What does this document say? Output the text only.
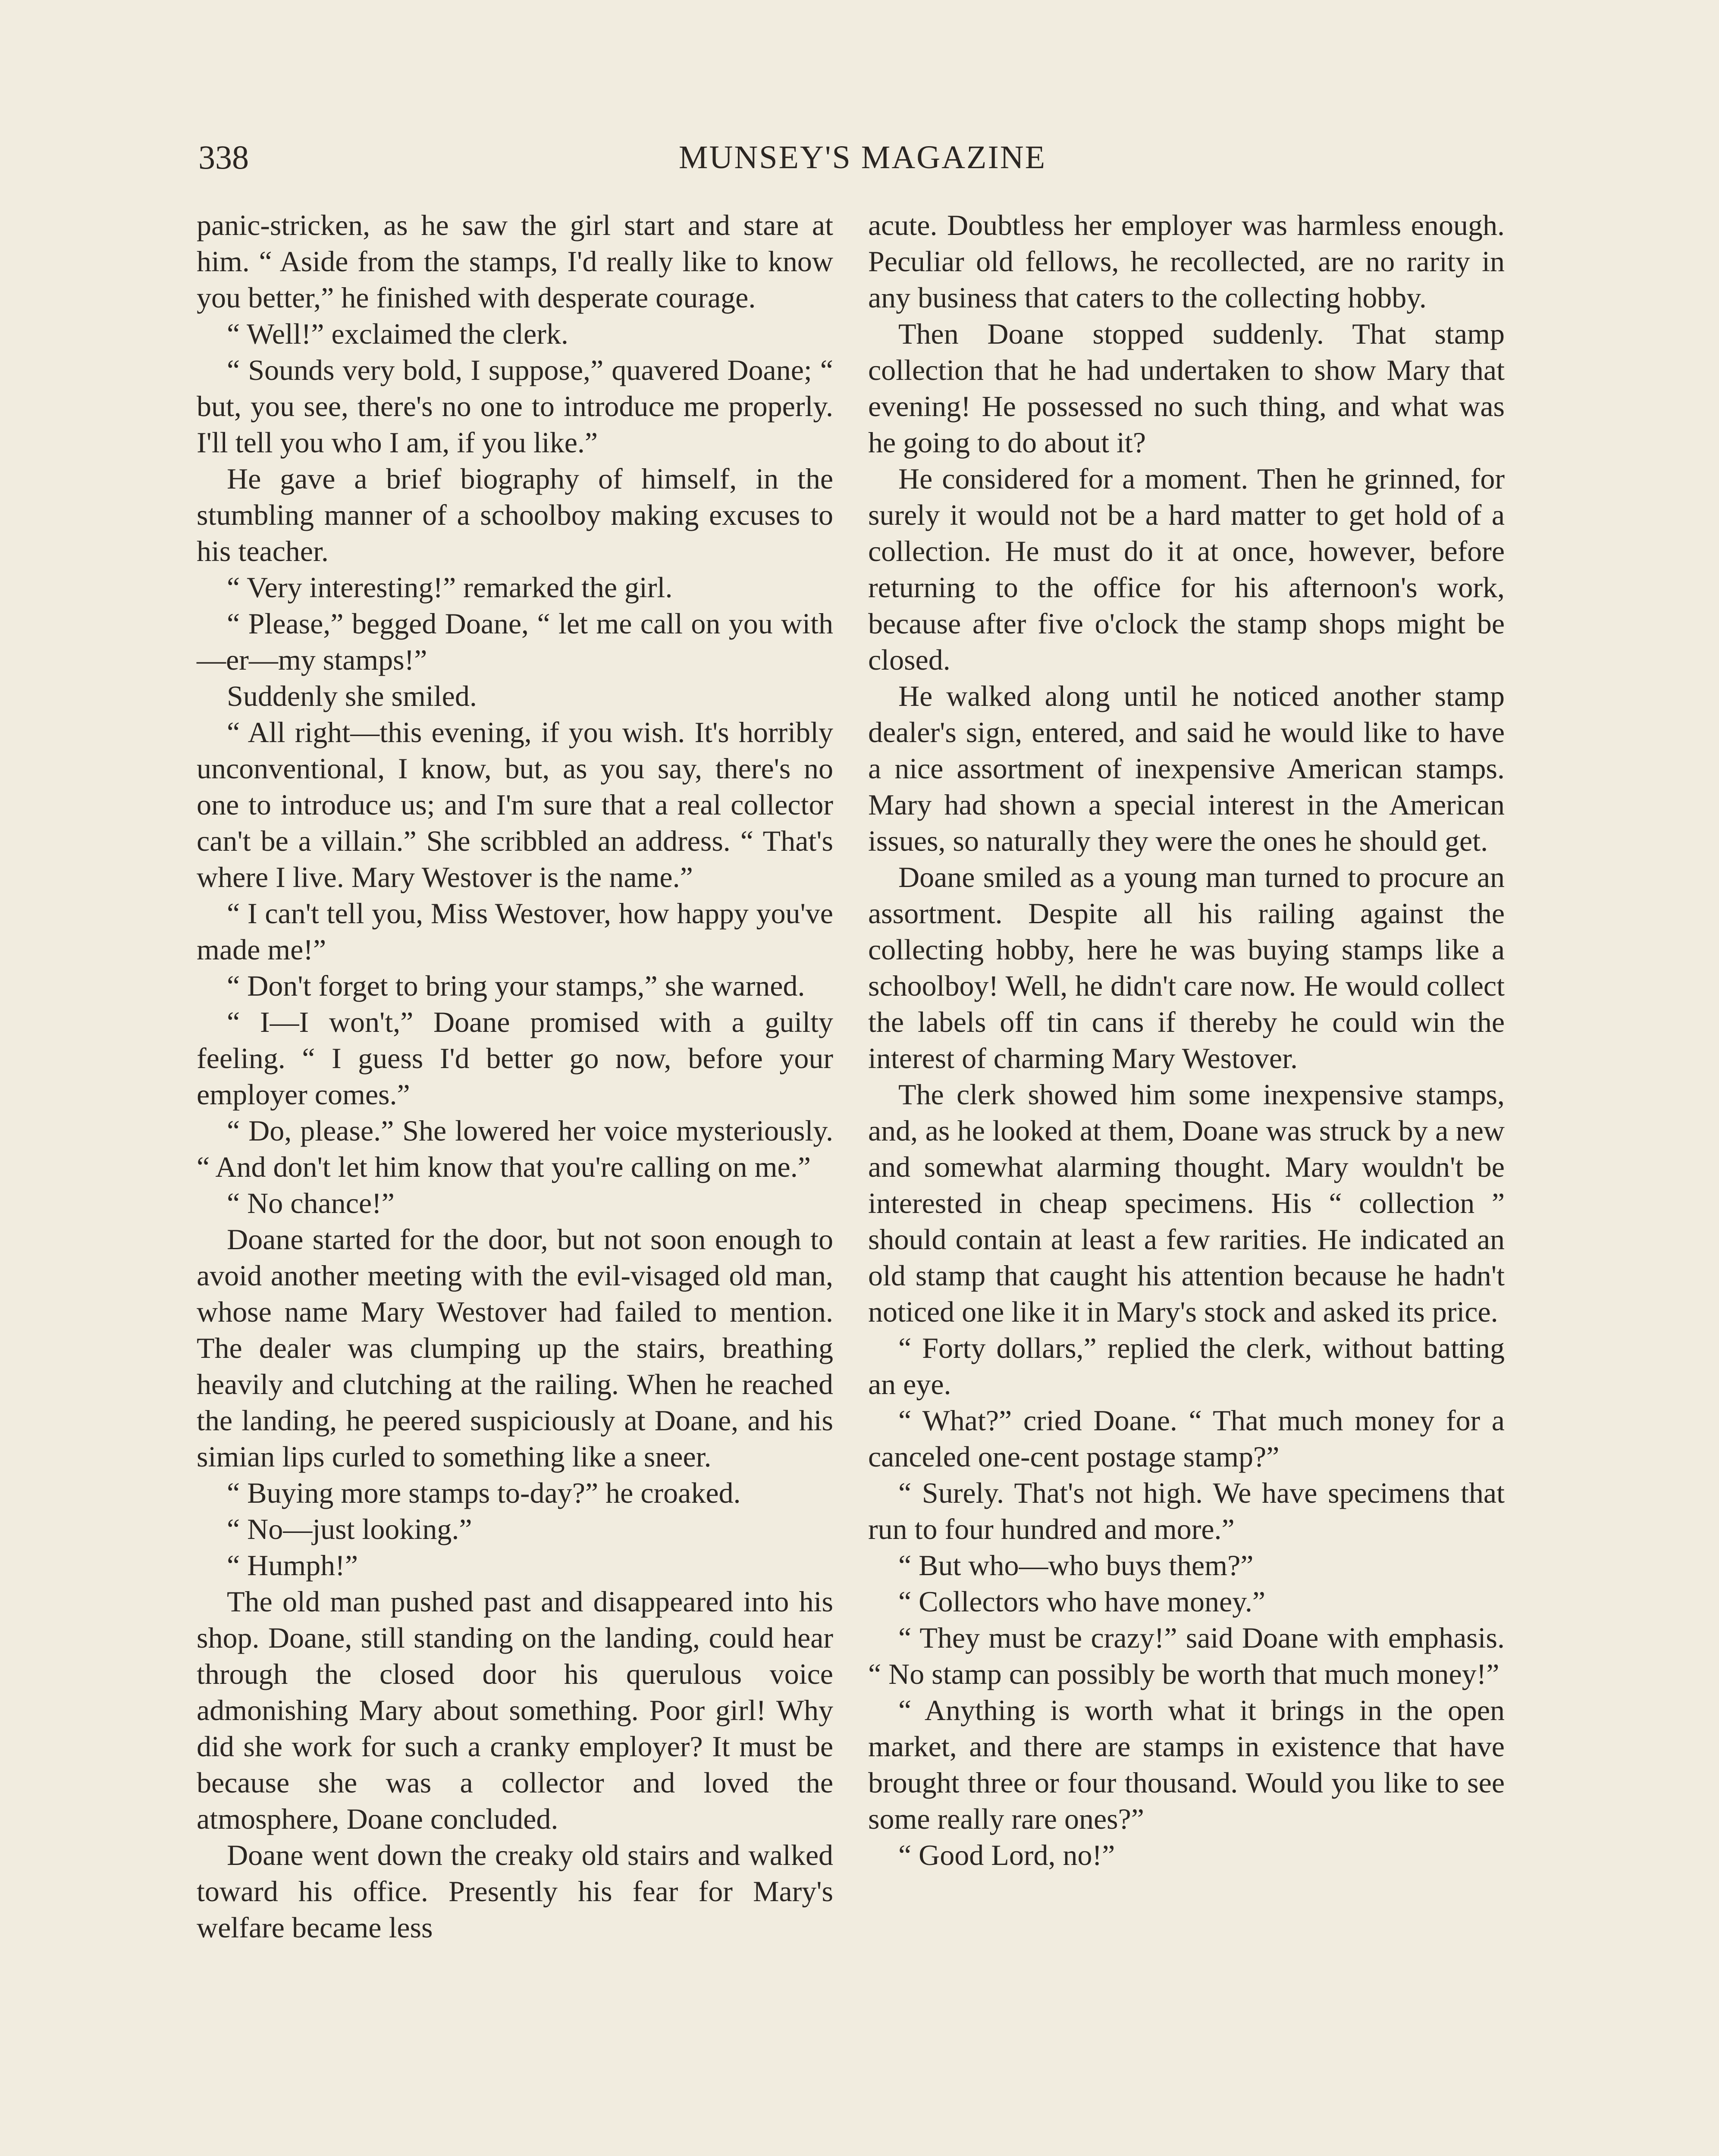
338	MUNSEY'S MAGAZINE

panic-stricken, as he saw the girl start and stare at him. “ Aside from the stamps, I'd really like to know you better,” he finished with desperate courage.

“ Well!” exclaimed the clerk.

“ Sounds very bold, I suppose,” quavered Doane; “ but, you see, there's no one to introduce me properly. I'll tell you who I am, if you like.”

He gave a brief biography of himself, in the stumbling manner of a schoolboy making excuses to his teacher.

“ Very interesting!” remarked the girl.

“ Please,” begged Doane, “ let me call on you with—er—my stamps!”

Suddenly she smiled.

“ All right—this evening, if you wish. It's horribly unconventional, I know, but, as you say, there's no one to introduce us; and I'm sure that a real collector can't be a villain.” She scribbled an address. “ That's where I live. Mary Westover is the name.”

“ I can't tell you, Miss Westover, how happy you've made me!”

“ Don't forget to bring your stamps,” she warned.

“ I—I won't,” Doane promised with a guilty feeling. “ I guess I'd better go now, before your employer comes.”

“ Do, please.” She lowered her voice mysteriously. “ And don't let him know that you're calling on me.”

“ No chance!”

Doane started for the door, but not soon enough to avoid another meeting with the evil-visaged old man, whose name Mary Westover had failed to mention. The dealer was clumping up the stairs, breathing heavily and clutching at the railing. When he reached the landing, he peered suspiciously at Doane, and his simian lips curled to something like a sneer.

“ Buying more stamps to-day?” he croaked.

“ No—just looking.”

“ Humph!”

The old man pushed past and disappeared into his shop. Doane, still standing on the landing, could hear through the closed door his querulous voice admonishing Mary about something. Poor girl! Why did she work for such a cranky employer? It must be because she was a collector and loved the atmosphere, Doane concluded.

Doane went down the creaky old stairs and walked toward his office. Presently his fear for Mary's welfare became less

acute. Doubtless her employer was harmless enough. Peculiar old fellows, he recollected, are no rarity in any business that caters to the collecting hobby.

Then Doane stopped suddenly. That stamp collection that he had undertaken to show Mary that evening! He possessed no such thing, and what was he going to do about it?

He considered for a moment. Then he grinned, for surely it would not be a hard matter to get hold of a collection. He must do it at once, however, before returning to the office for his afternoon's work, because after five o'clock the stamp shops might be closed.

He walked along until he noticed another stamp dealer's sign, entered, and said he would like to have a nice assortment of inexpensive American stamps. Mary had shown a special interest in the American issues, so naturally they were the ones he should get.

Doane smiled as a young man turned to procure an assortment. Despite all his railing against the collecting hobby, here he was buying stamps like a schoolboy! Well, he didn't care now. He would collect the labels off tin cans if thereby he could win the interest of charming Mary Westover.

The clerk showed him some inexpensive stamps, and, as he looked at them, Doane was struck by a new and somewhat alarming thought. Mary wouldn't be interested in cheap specimens. His “ collection ” should contain at least a few rarities. He indicated an old stamp that caught his attention because he hadn't noticed one like it in Mary's stock and asked its price.

“ Forty dollars,” replied the clerk, without batting an eye.

“ What?” cried Doane. “ That much money for a canceled one-cent postage stamp?”

“ Surely. That's not high. We have specimens that run to four hundred and more.”

“ But who—who buys them?”

“ Collectors who have money.”

“ They must be crazy!” said Doane with emphasis. “ No stamp can possibly be worth that much money!”

“ Anything is worth what it brings in the open market, and there are stamps in existence that have brought three or four thousand. Would you like to see some really rare ones?”

“ Good Lord, no!”
